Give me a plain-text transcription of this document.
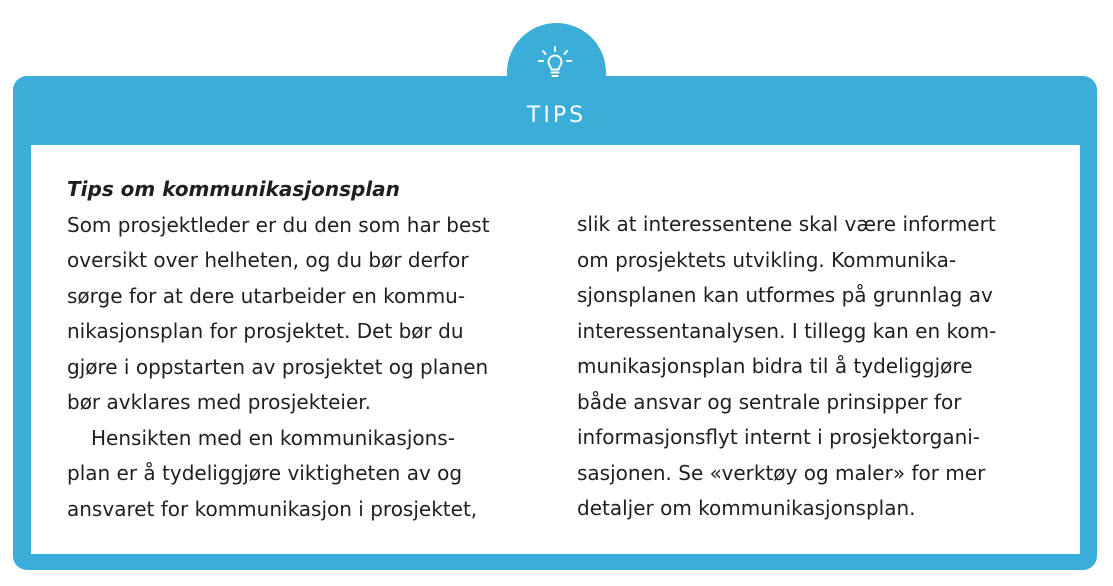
TIPS
Tips om kommunikasjonsplan
Som prosjektleder er du den som har best
oversikt over helheten, og du bør derfor
sørge for at dere utarbeider en kommu-
nikasjonsplan for prosjektet. Det bør du
gjøre i oppstarten av prosjektet og planen
bør avklares med prosjekteier.
Hensikten med en kommunikasjons-
plan er å tydeliggjøre viktigheten av og
ansvaret for kommunikasjon i prosjektet,
slik at interessentene skal være informert
om prosjektets utvikling. Kommunika-
sjonsplanen kan utformes på grunnlag av
interessentanalysen. I tillegg kan en kom-
munikasjonsplan bidra til å tydeliggjøre
både ansvar og sentrale prinsipper for
informasjonsflyt internt i prosjektorgani-
sasjonen. Se «verktøy og maler» for mer
detaljer om kommunikasjonsplan.
